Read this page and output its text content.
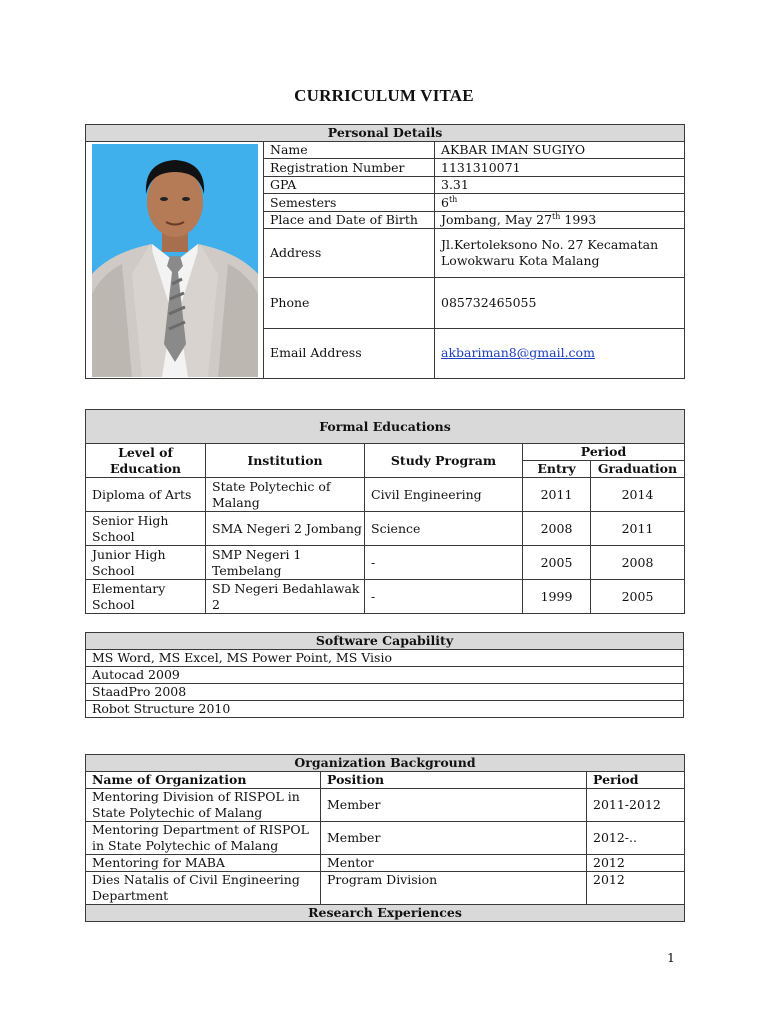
CURRICULUM VITAE
Personal Details		

	Name	AKBAR IMAN SUGIYO
	Registration Number	1131310071
	GPA	3.31
	Semesters	6th
	Place and Date of Birth	Jombang, May 27th 1993
	Address	Jl.Kertoleksono No. 27 Kecamatan Lowokwaru Kota Malang
	Phone	085732465055
	Email Address	akbariman8@gmail.com
Formal Educations				
Level of Education	Institution	Study Program	Period	
			Entry	Graduation
Diploma of Arts	State Polytechic of Malang	Civil Engineering	2011	2014
Senior High School	SMA Negeri 2 Jombang	Science	2008	2011
Junior High School	SMP Negeri 1 Tembelang	-	2005	2008
Elementary School	SD Negeri Bedahlawak 2	-	1999	2005
Software Capability
MS Word, MS Excel, MS Power Point, MS Visio
Autocad 2009
StaadPro 2008
Robot Structure 2010
Organization Background		
Name of Organization	Position	Period
Mentoring Division of RISPOL in State Polytechic of Malang	Member	2011-2012
Mentoring Department of RISPOL in State Polytechic of Malang	Member	2012-..
Mentoring for MABA	Mentor	2012
Dies Natalis of Civil Engineering Department	Program Division	2012
Research Experiences		
1
